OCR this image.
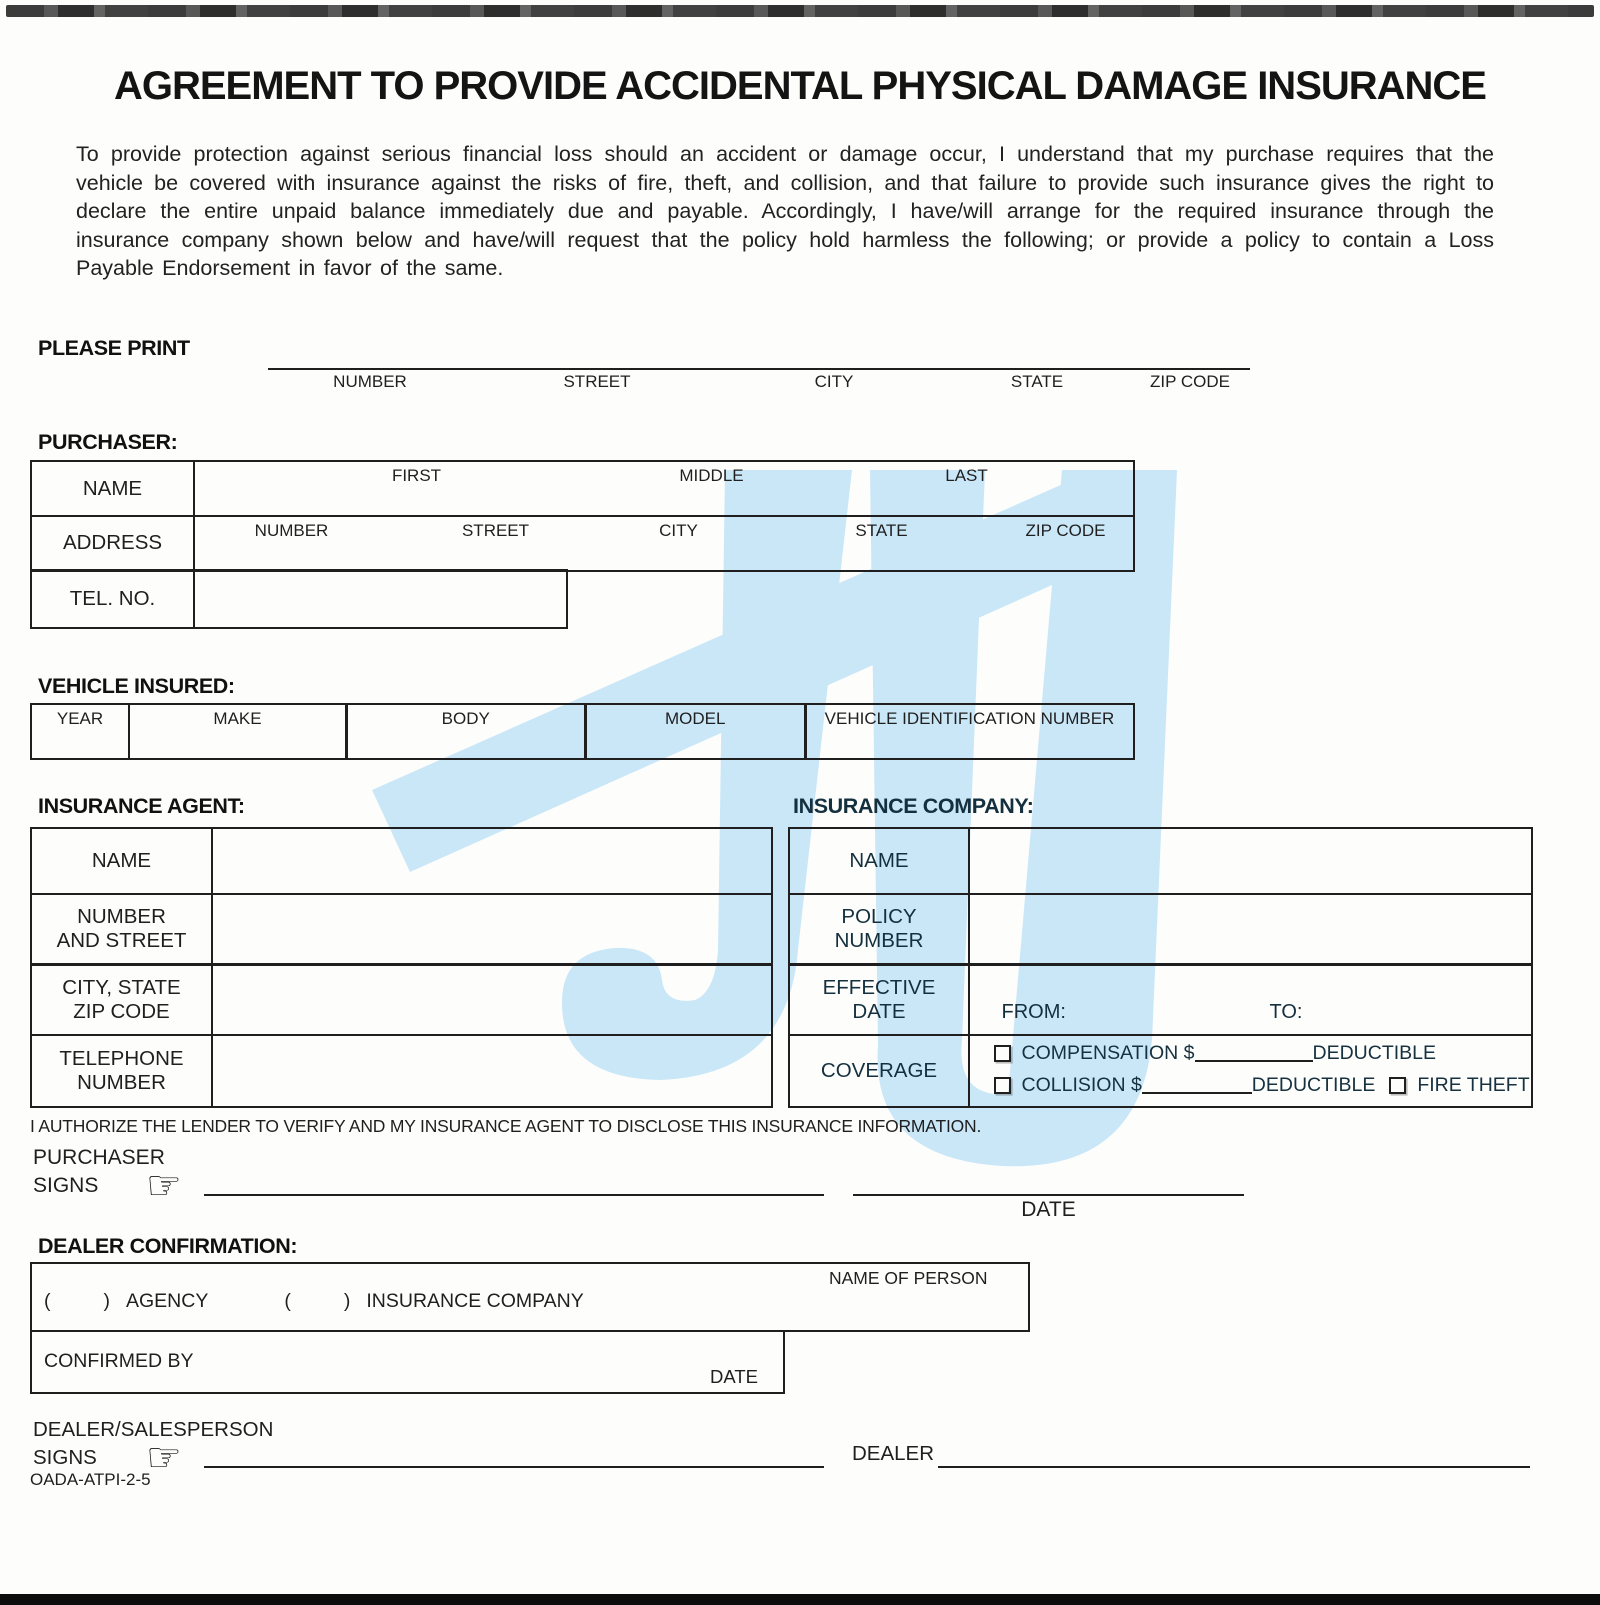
AGREEMENT TO PROVIDE ACCIDENTAL PHYSICAL DAMAGE INSURANCE
To provide protection against serious financial loss should an accident or damage occur, I understand that my purchase requires that the vehicle be covered with insurance against the risks of fire, theft, and collision, and that failure to provide such insurance gives the right to declare the entire unpaid balance immediately due and payable. Accordingly, I have/will arrange for the required insurance through the insurance company shown below and have/will request that the policy hold harmless the following; or provide a policy to contain a Loss Payable Endorsement in favor of the same.
PLEASE PRINT
NUMBER	STREET	CITY	STATE	ZIP CODE
PURCHASER:
NAME
FIRST	MIDDLE	LAST
ADDRESS
NUMBER	STREET	CITY	STATE	ZIP CODE
TEL. NO.
VEHICLE INSURED:
YEAR	MAKE	BODY	MODEL	VEHICLE IDENTIFICATION NUMBER
INSURANCE AGENT:
NAME
NUMBER
AND STREET
CITY, STATE
ZIP CODE
TELEPHONE
NUMBER
INSURANCE COMPANY:
NAME
POLICY
NUMBER
EFFECTIVE
DATE	FROM:	TO:
COVERAGE
COMPENSATION $	DEDUCTIBLE
COLLISION $	DEDUCTIBLE FIRE THEFT
I AUTHORIZE THE LENDER TO VERIFY AND MY INSURANCE AGENT TO DISCLOSE THIS INSURANCE INFORMATION.
PURCHASER
SIGNS ☞
DATE
DEALER CONFIRMATION:
NAME OF PERSON
(	) AGENCY	(	) INSURANCE COMPANY
CONFIRMED BY
DATE
DEALER/SALESPERSON
SIGNS ☞	DEALER
OADA-ATPI-2-5
